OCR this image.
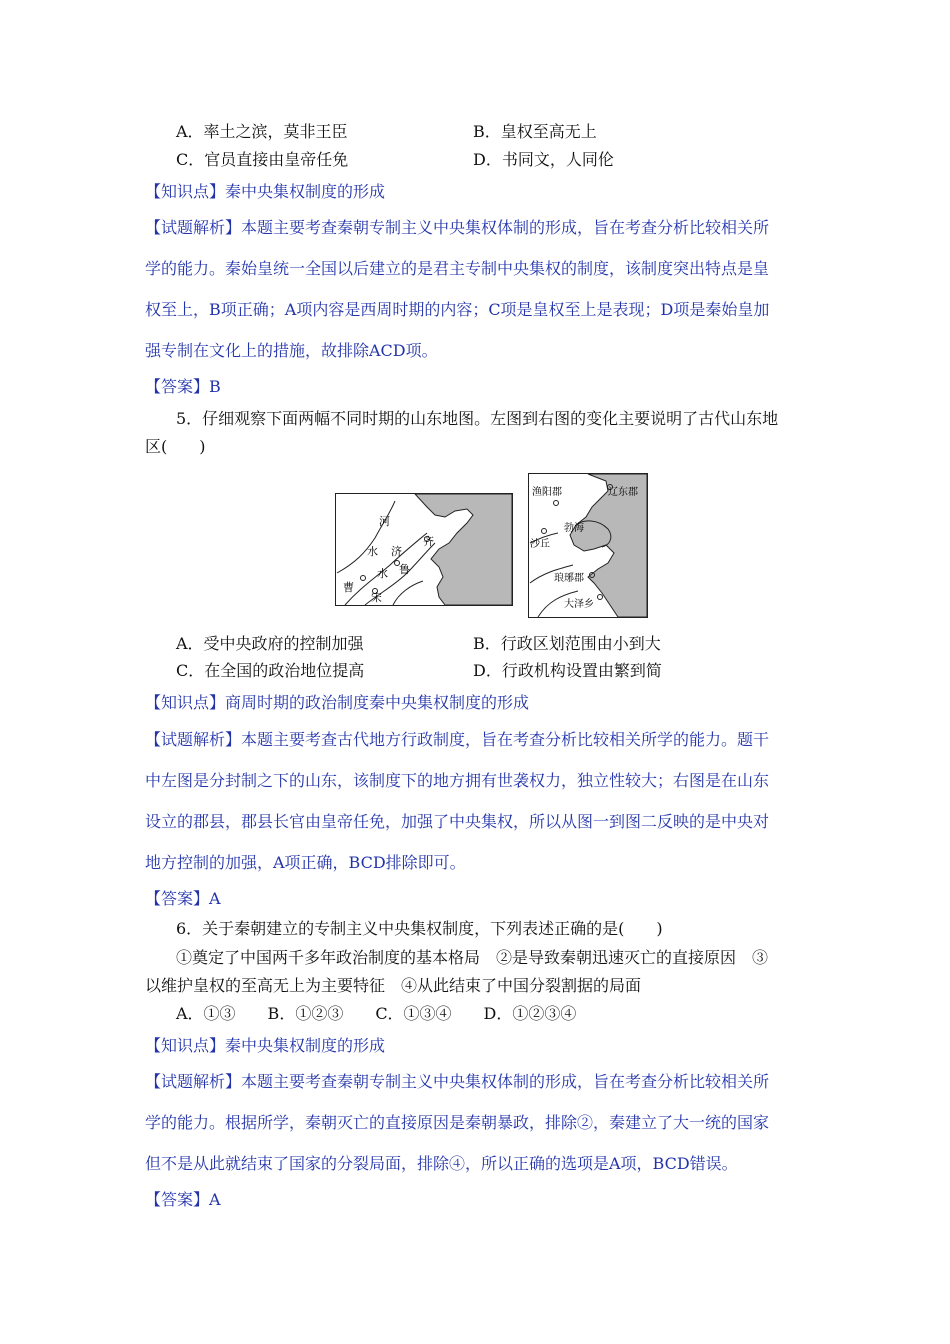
A．率土之滨，莫非王臣	B．皇权至高无上
C．官员直接由皇帝任免	D．书同文，人同伦
【知识点】秦中央集权制度的形成
【试题解析】本题主要考查秦朝专制主义中央集权体制的形成，旨在考查分析比较相关所
学的能力。秦始皇统一全国以后建立的是君主专制中央集权的制度，该制度突出特点是皇
权至上，B项正确；A项内容是西周时期的内容；C项是皇权至上是表现；D项是秦始皇加
强专制在文化上的措施，故排除ACD项。
【答案】B
5．仔细观察下面两幅不同时期的山东地图。左图到右图的变化主要说明了古代山东地
区(　　)
河
齐
水 济
水 鲁
曹
宋
渔阳郡	辽东郡
勃海
沙丘
琅琊郡
大泽乡
A．受中央政府的控制加强	B．行政区划范围由小到大
C．在全国的政治地位提高	D．行政机构设置由繁到简
【知识点】商周时期的政治制度秦中央集权制度的形成
【试题解析】本题主要考查古代地方行政制度，旨在考查分析比较相关所学的能力。题干
中左图是分封制之下的山东，该制度下的地方拥有世袭权力，独立性较大；右图是在山东
设立的郡县，郡县长官由皇帝任免，加强了中央集权，所以从图一到图二反映的是中央对
地方控制的加强，A项正确，BCD排除即可。
【答案】A
6．关于秦朝建立的专制主义中央集权制度，下列表述正确的是(　　)
①奠定了中国两千多年政治制度的基本格局　②是导致秦朝迅速灭亡的直接原因　③
以维护皇权的至高无上为主要特征　④从此结束了中国分裂割据的局面
A．①③　　B．①②③　　C．①③④　　D．①②③④
【知识点】秦中央集权制度的形成
【试题解析】本题主要考查秦朝专制主义中央集权体制的形成，旨在考查分析比较相关所
学的能力。根据所学，秦朝灭亡的直接原因是秦朝暴政，排除②，秦建立了大一统的国家
但不是从此就结束了国家的分裂局面，排除④，所以正确的选项是A项，BCD错误。
【答案】A
